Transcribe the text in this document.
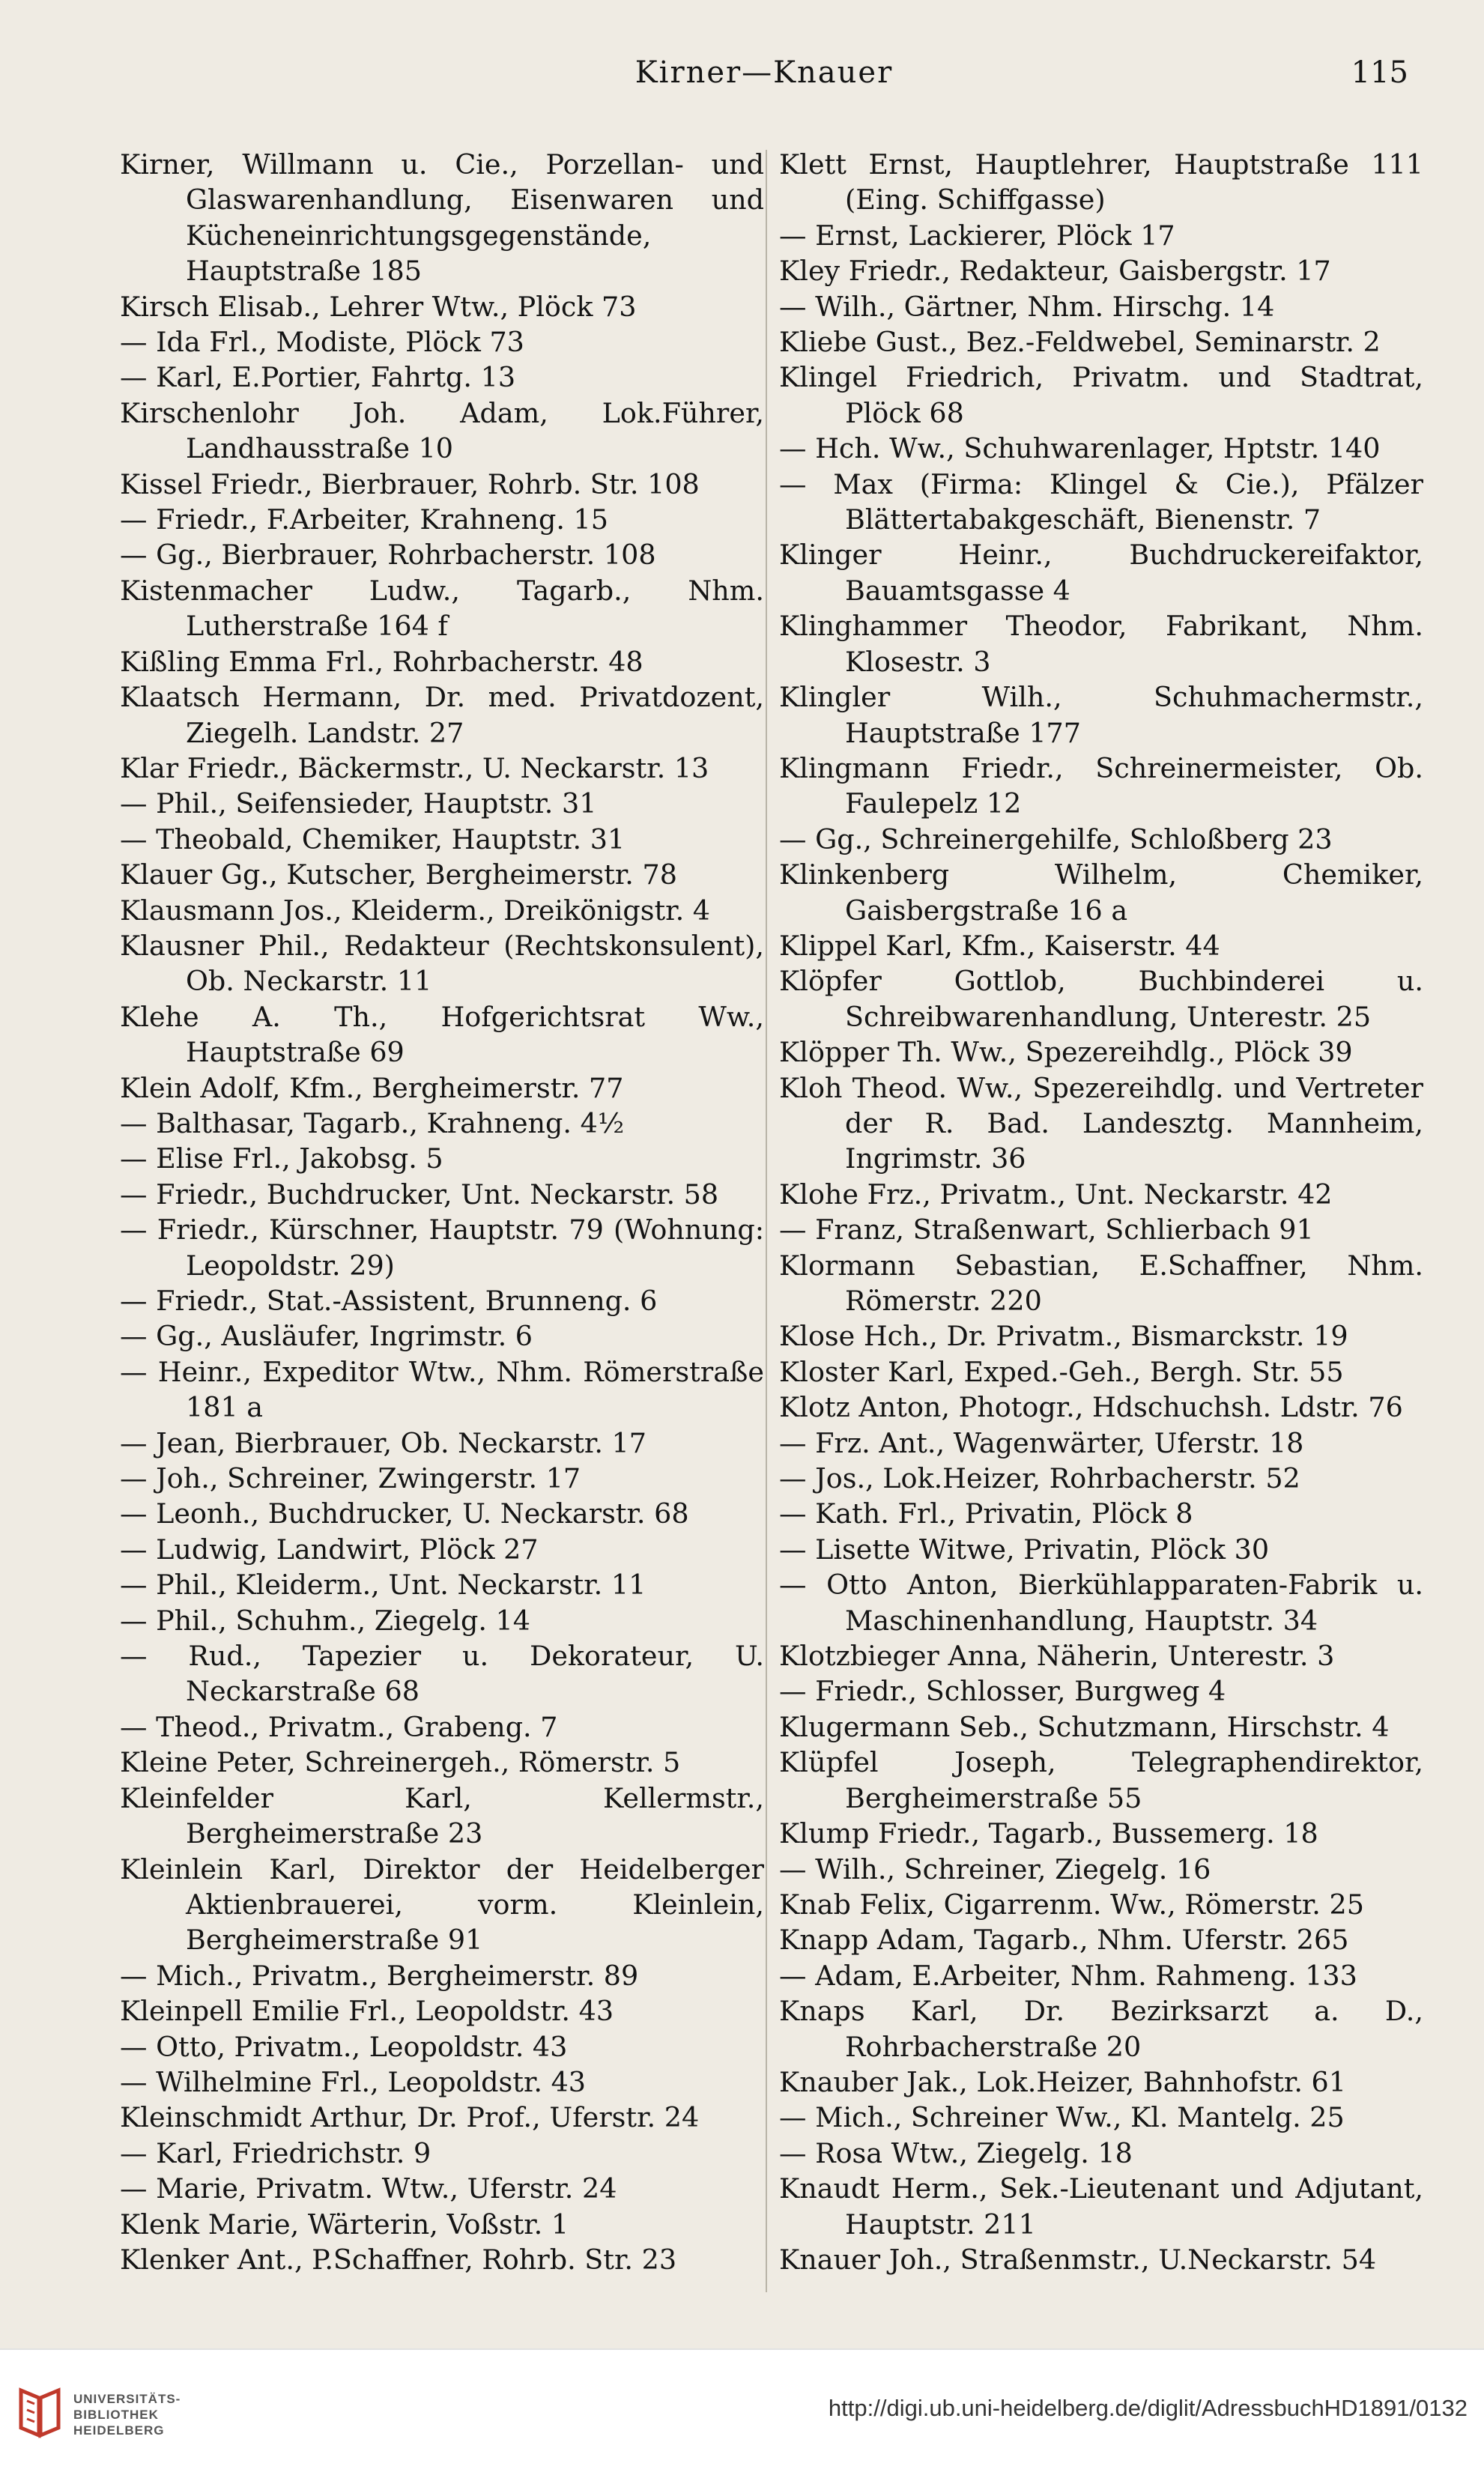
Kirner—Knauer	115
Kirner, Willmann u. Cie., Porzellan- und Glaswarenhandlung, Eisenwaren und Kücheneinrichtungsgegenstände, Hauptstraße 185
Kirsch Elisab., Lehrer Wtw., Plöck 73
— Ida Frl., Modiste, Plöck 73
— Karl, E.Portier, Fahrtg. 13
Kirschenlohr Joh. Adam, Lok.Führer, Landhausstraße 10
Kissel Friedr., Bierbrauer, Rohrb. Str. 108
— Friedr., F.Arbeiter, Krahneng. 15
— Gg., Bierbrauer, Rohrbacherstr. 108
Kistenmacher Ludw., Tagarb., Nhm. Lutherstraße 164 f
Kißling Emma Frl., Rohrbacherstr. 48
Klaatsch Hermann, Dr. med. Privatdozent, Ziegelh. Landstr. 27
Klar Friedr., Bäckermstr., U. Neckarstr. 13
— Phil., Seifensieder, Hauptstr. 31
— Theobald, Chemiker, Hauptstr. 31
Klauer Gg., Kutscher, Bergheimerstr. 78
Klausmann Jos., Kleiderm., Dreikönigstr. 4
Klausner Phil., Redakteur (Rechtskonsulent), Ob. Neckarstr. 11
Klehe A. Th., Hofgerichtsrat Ww., Hauptstraße 69
Klein Adolf, Kfm., Bergheimerstr. 77
— Balthasar, Tagarb., Krahneng. 4½
— Elise Frl., Jakobsg. 5
— Friedr., Buchdrucker, Unt. Neckarstr. 58
— Friedr., Kürschner, Hauptstr. 79 (Wohnung: Leopoldstr. 29)
— Friedr., Stat.-Assistent, Brunneng. 6
— Gg., Ausläufer, Ingrimstr. 6
— Heinr., Expeditor Wtw., Nhm. Römerstraße 181 a
— Jean, Bierbrauer, Ob. Neckarstr. 17
— Joh., Schreiner, Zwingerstr. 17
— Leonh., Buchdrucker, U. Neckarstr. 68
— Ludwig, Landwirt, Plöck 27
— Phil., Kleiderm., Unt. Neckarstr. 11
— Phil., Schuhm., Ziegelg. 14
— Rud., Tapezier u. Dekorateur, U. Neckarstraße 68
— Theod., Privatm., Grabeng. 7
Kleine Peter, Schreinergeh., Römerstr. 5
Kleinfelder Karl, Kellermstr., Bergheimerstraße 23
Kleinlein Karl, Direktor der Heidelberger Aktienbrauerei, vorm. Kleinlein, Bergheimerstraße 91
— Mich., Privatm., Bergheimerstr. 89
Kleinpell Emilie Frl., Leopoldstr. 43
— Otto, Privatm., Leopoldstr. 43
— Wilhelmine Frl., Leopoldstr. 43
Kleinschmidt Arthur, Dr. Prof., Uferstr. 24
— Karl, Friedrichstr. 9
— Marie, Privatm. Wtw., Uferstr. 24
Klenk Marie, Wärterin, Voßstr. 1
Klenker Ant., P.Schaffner, Rohrb. Str. 23
Klett Ernst, Hauptlehrer, Hauptstraße 111 (Eing. Schiffgasse)
— Ernst, Lackierer, Plöck 17
Kley Friedr., Redakteur, Gaisbergstr. 17
— Wilh., Gärtner, Nhm. Hirschg. 14
Kliebe Gust., Bez.-Feldwebel, Seminarstr. 2
Klingel Friedrich, Privatm. und Stadtrat, Plöck 68
— Hch. Ww., Schuhwarenlager, Hptstr. 140
— Max (Firma: Klingel & Cie.), Pfälzer Blättertabakgeschäft, Bienenstr. 7
Klinger Heinr., Buchdruckereifaktor, Bauamtsgasse 4
Klinghammer Theodor, Fabrikant, Nhm. Klosestr. 3
Klingler Wilh., Schuhmachermstr., Hauptstraße 177
Klingmann Friedr., Schreinermeister, Ob. Faulepelz 12
— Gg., Schreinergehilfe, Schloßberg 23
Klinkenberg Wilhelm, Chemiker, Gaisbergstraße 16 a
Klippel Karl, Kfm., Kaiserstr. 44
Klöpfer Gottlob, Buchbinderei u. Schreibwarenhandlung, Unterestr. 25
Klöpper Th. Ww., Spezereihdlg., Plöck 39
Kloh Theod. Ww., Spezereihdlg. und Vertreter der R. Bad. Landesztg. Mannheim, Ingrimstr. 36
Klohe Frz., Privatm., Unt. Neckarstr. 42
— Franz, Straßenwart, Schlierbach 91
Klormann Sebastian, E.Schaffner, Nhm. Römerstr. 220
Klose Hch., Dr. Privatm., Bismarckstr. 19
Kloster Karl, Exped.-Geh., Bergh. Str. 55
Klotz Anton, Photogr., Hdschuchsh. Ldstr. 76
— Frz. Ant., Wagenwärter, Uferstr. 18
— Jos., Lok.Heizer, Rohrbacherstr. 52
— Kath. Frl., Privatin, Plöck 8
— Lisette Witwe, Privatin, Plöck 30
— Otto Anton, Bierkühlapparaten-Fabrik u. Maschinenhandlung, Hauptstr. 34
Klotzbieger Anna, Näherin, Unterestr. 3
— Friedr., Schlosser, Burgweg 4
Klugermann Seb., Schutzmann, Hirschstr. 4
Klüpfel Joseph, Telegraphendirektor, Bergheimerstraße 55
Klump Friedr., Tagarb., Bussemerg. 18
— Wilh., Schreiner, Ziegelg. 16
Knab Felix, Cigarrenm. Ww., Römerstr. 25
Knapp Adam, Tagarb., Nhm. Uferstr. 265
— Adam, E.Arbeiter, Nhm. Rahmeng. 133
Knaps Karl, Dr. Bezirksarzt a. D., Rohrbacherstraße 20
Knauber Jak., Lok.Heizer, Bahnhofstr. 61
— Mich., Schreiner Ww., Kl. Mantelg. 25
— Rosa Wtw., Ziegelg. 18
Knaudt Herm., Sek.-Lieutenant und Adjutant, Hauptstr. 211
Knauer Joh., Straßenmstr., U.Neckarstr. 54
UNIVERSITÄTS-
BIBLIOTHEK
HEIDELBERG
http://digi.ub.uni-heidelberg.de/diglit/AdressbuchHD1891/0132
